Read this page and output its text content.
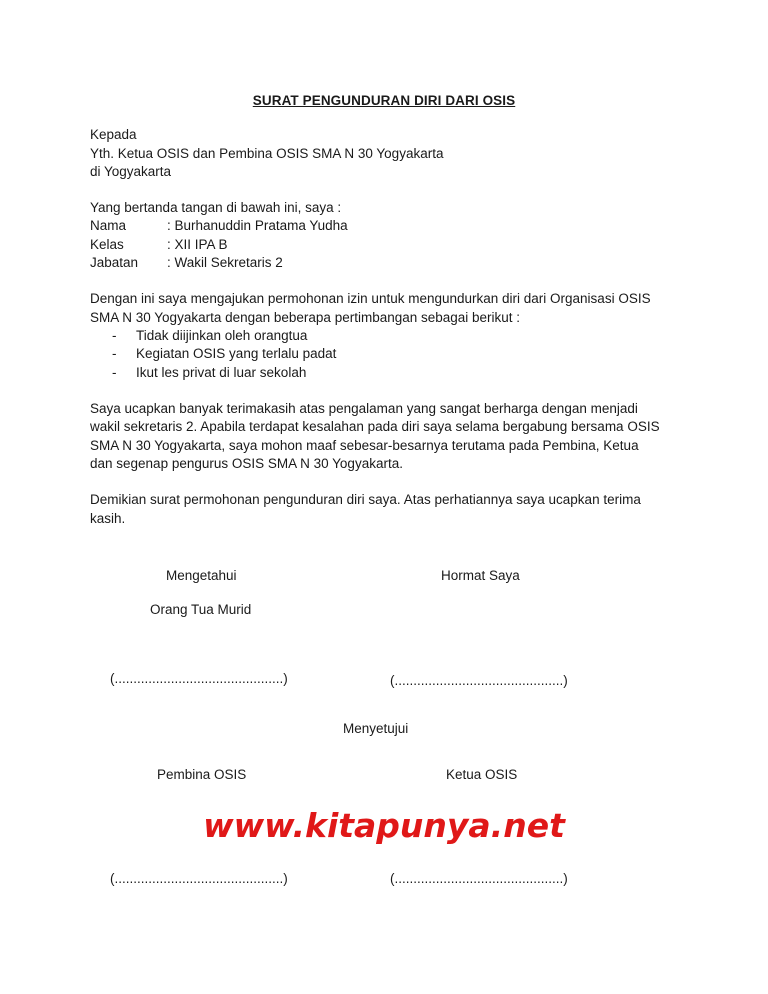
SURAT PENGUNDURAN DIRI DARI OSIS
Kepada
Yth. Ketua OSIS dan Pembina OSIS SMA N 30 Yogyakarta
di Yogyakarta
Yang bertanda tangan di bawah ini, saya :
Nama	: Burhanuddin Pratama Yudha
Kelas	: XII IPA B
Jabatan : Wakil Sekretaris 2
Dengan ini saya mengajukan permohonan izin untuk mengundurkan diri dari Organisasi OSIS
SMA N 30 Yogyakarta dengan beberapa pertimbangan sebagai berikut :
- Tidak diijinkan oleh orangtua
- Kegiatan OSIS yang terlalu padat
- Ikut les privat di luar sekolah
Saya ucapkan banyak terimakasih atas pengalaman yang sangat berharga dengan menjadi
wakil sekretaris 2. Apabila terdapat kesalahan pada diri saya selama bergabung bersama OSIS
SMA N 30 Yogyakarta, saya mohon maaf sebesar-besarnya terutama pada Pembina, Ketua
dan segenap pengurus OSIS SMA N 30 Yogyakarta.
Demikian surat permohonan pengunduran diri saya. Atas perhatiannya saya ucapkan terima
kasih.
Mengetahui	Hormat Saya
Orang Tua Murid
(.............................................)	(.............................................)
Menyetujui
Pembina OSIS	Ketua OSIS
www.kitapunya.net
(.............................................)	(.............................................)
